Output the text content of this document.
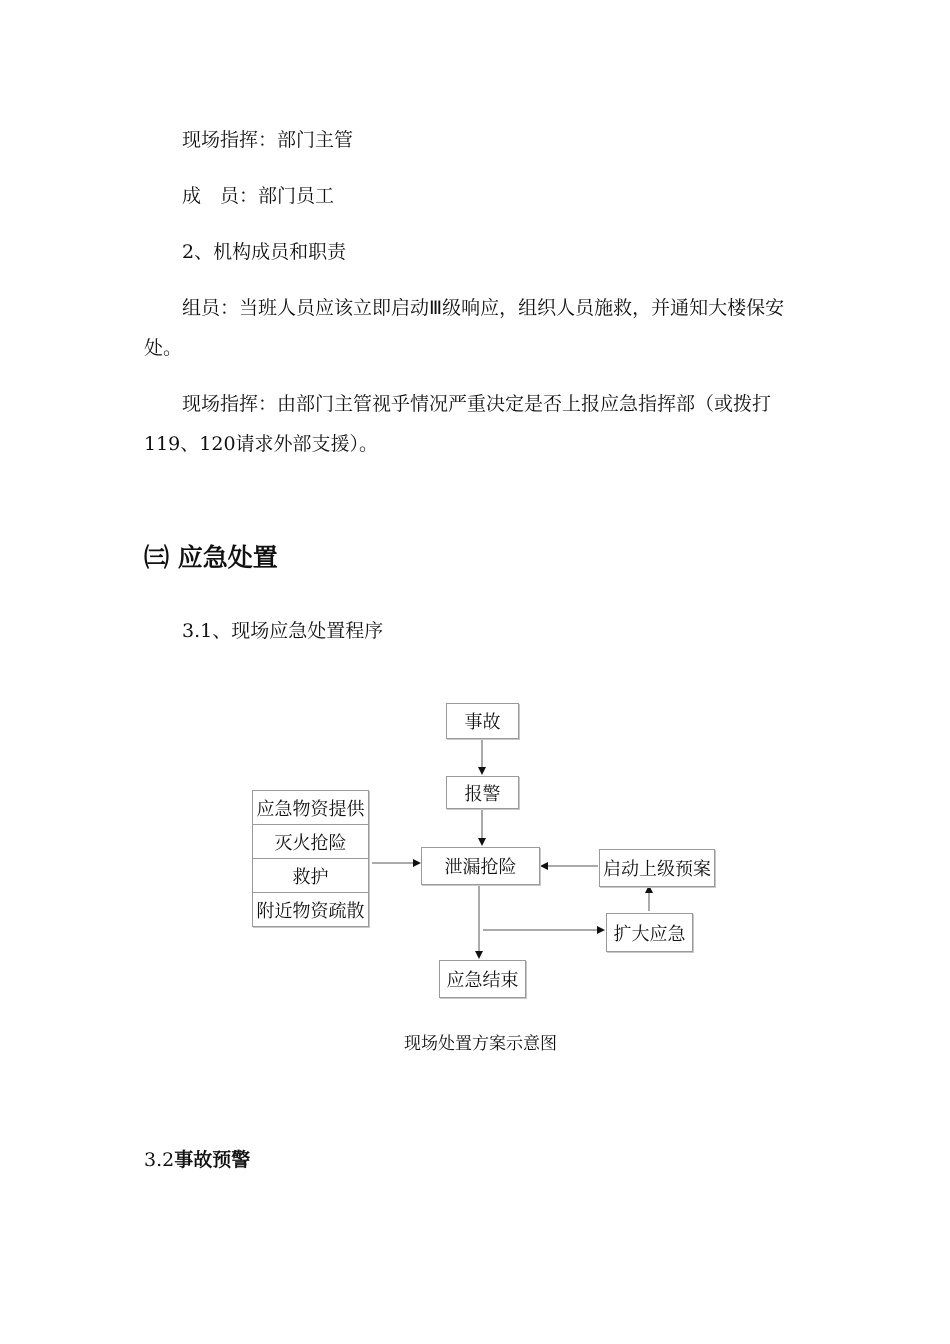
现场指挥：部门主管
成　员：部门员工
2、机构成员和职责
组员：当班人员应该立即启动Ⅲ级响应，组织人员施救，并通知大楼保安
处。
现场指挥：由部门主管视乎情况严重决定是否上报应急指挥部（或拨打
119、120请求外部支援）。
㈢ 应急处置
3.1、现场应急处置程序
事故
报警
泄漏抢险	启动上级预案
扩大应急
应急结束
应急物资提供
灭火抢险
救护
附近物资疏散
现场处置方案示意图
3.2事故预警
